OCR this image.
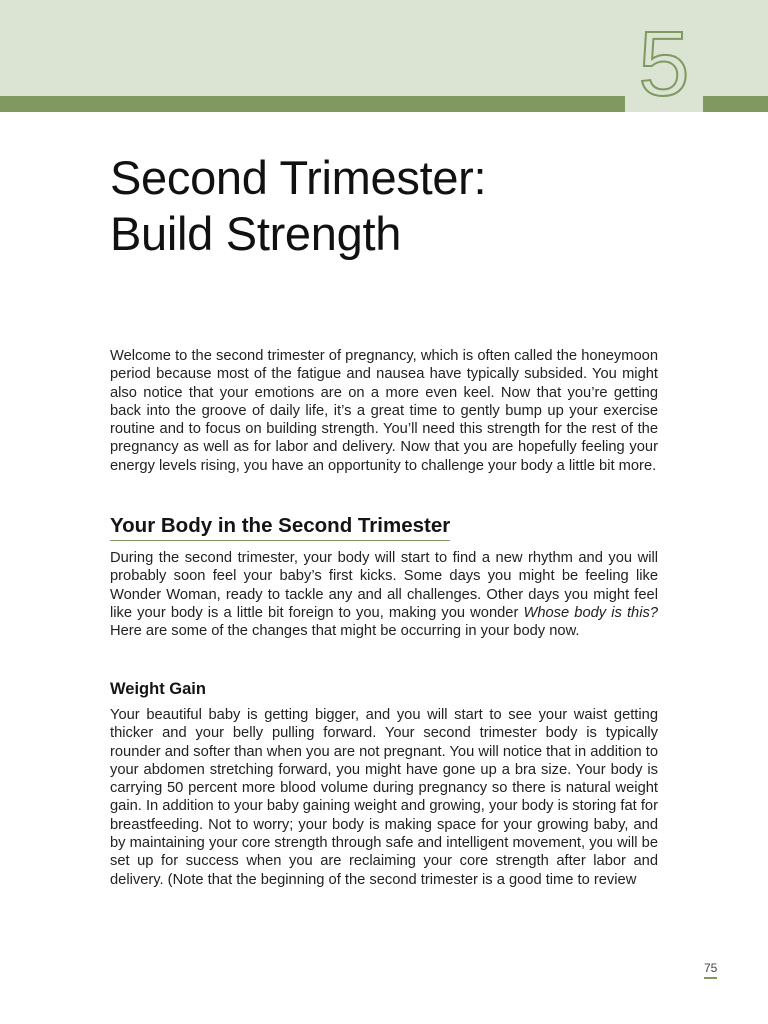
5
Second Trimester:
Build Strength

Welcome to the second trimester of pregnancy, which is often called the honeymoon period because most of the fatigue and nausea have typically subsided. You might also notice that your emotions are on a more even keel. Now that you’re getting back into the groove of daily life, it’s a great time to gently bump up your exercise routine and to focus on building strength. You’ll need this strength for the rest of the pregnancy as well as for labor and delivery. Now that you are hopefully feeling your energy levels rising, you have an opportunity to challenge your body a little bit more.

Your Body in the Second Trimester

During the second trimester, your body will start to find a new rhythm and you will probably soon feel your baby’s first kicks. Some days you might be feeling like Wonder Woman, ready to tackle any and all challenges. Other days you might feel like your body is a little bit foreign to you, making you wonder Whose body is this? Here are some of the changes that might be occurring in your body now.

Weight Gain

Your beautiful baby is getting bigger, and you will start to see your waist getting thicker and your belly pulling forward. Your second trimester body is typically rounder and softer than when you are not pregnant. You will notice that in addition to your abdomen stretching forward, you might have gone up a bra size. Your body is carrying 50 percent more blood volume during pregnancy so there is natural weight gain. In addition to your baby gaining weight and growing, your body is storing fat for breastfeeding. Not to worry; your body is making space for your growing baby, and by maintaining your core strength through safe and intelligent movement, you will be set up for success when you are reclaiming your core strength after labor and delivery. (Note that the beginning of the second trimester is a good time to review

75
